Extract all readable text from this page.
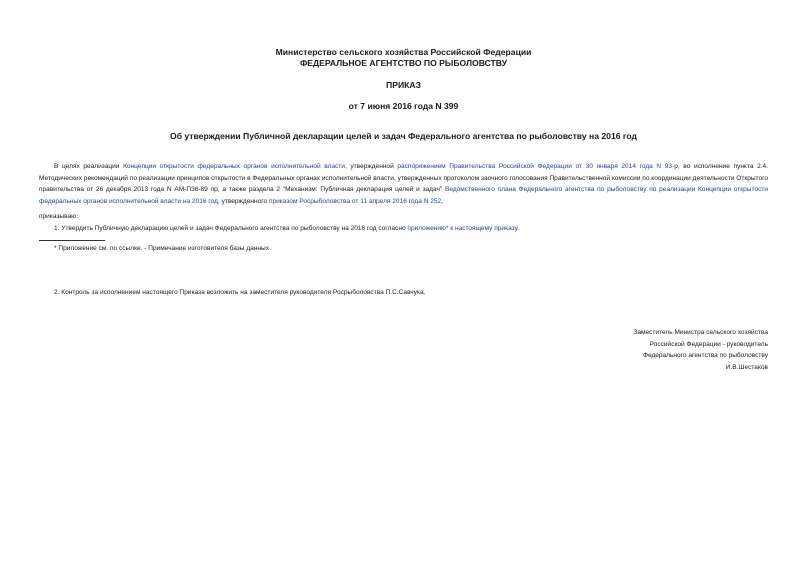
Министерство сельского хозяйства Российской Федерации
ФЕДЕРАЛЬНОЕ АГЕНТСТВО ПО РЫБОЛОВСТВУ
ПРИКАЗ
от 7 июня 2016 года N 399
Об утверждении Публичной декларации целей и задач Федерального агентства по рыболовству на 2016 год
В целях реализации Концепции открытости федеральных органов исполнительной власти, утвержденной распоряжением Правительства Российской Федерации от 30 января 2014 года N 93-р, во исполнение пункта 2.4. Методических рекомендаций по реализации принципов открытости в Федеральных органах исполнительной власти, утвержденных протоколом заочного голосования Правительственной комиссии по координации деятельности Открытого правительства от 26 декабря 2013 года N АМ-П36-89 пр, а также раздела 2 "Механизм: Публичная декларация целей и задач" Ведомственного плана Федерального агентства по рыболовству по реализации Концепции открытости федеральных органов исполнительной власти на 2016 год, утвержденного приказом Росрыболовства от 11 апреля 2016 года N 252,
приказываю:
1. Утвердить Публичную декларацию целей и задач Федерального агентства по рыболовству на 2016 год согласно приложению* к настоящему приказу.
* Приложение см. по ссылке. - Примечание изготовителя базы данных.
2. Контроль за исполнением настоящего Приказа возложить на заместителя руководителя Росрыболовства П.С.Савчука.
Заместитель Министра сельского хозяйства
Российской Федерации - руководитель
Федерального агентства по рыболовству
И.В.Шестаков
